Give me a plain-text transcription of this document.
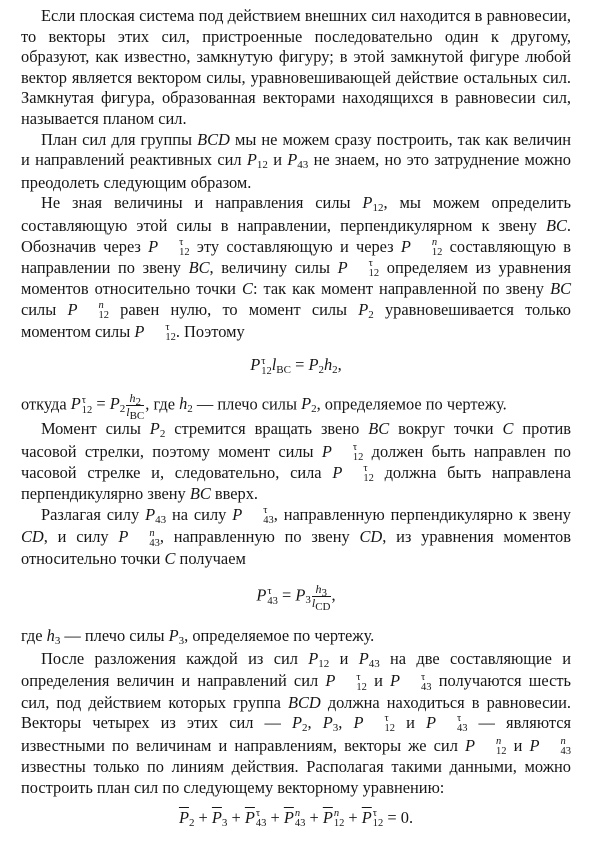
Если плоская система под действием внешних сил находится в равновесии, то векторы этих сил, пристроенные последовательно один к другому, образуют, как известно, замкнутую фигуру; в этой замкнутой фигуре любой вектор является вектором силы, уравновешивающей действие остальных сил. Замкнутая фигура, образованная векторами находящихся в равновесии сил, называется планом сил.

План сил для группы BCD мы не можем сразу построить, так как величин и направлений реактивных сил P12 и P43 не знаем, но это затруднение можно преодолеть следующим образом.

Не зная величины и направления силы P12, мы можем определить составляющую этой силы в направлении, перпендикулярном к звену BC. Обозначив через P	τ
12 эту составляющую и через P	n
12 составляющую в направлении по звену BC, величину силы P	τ
12 определяем из уравнения моментов относительно точки C: так как момент направленной по звену BC силы P	n
12 равен нулю, то момент силы P2 уравновешивается только моментом силы P	τ
12 . Поэтому

P τ
12 lBC = P2h2,

откуда P τ
$12 = P2 \frac{h2}{\text{lBC}}$ , где h2 — плечо силы P2, определяемое по чертежу.

Момент силы P2 стремится вращать звено BC вокруг точки C против часовой стрелки, поэтому момент силы P	τ
12 должен быть направлен по часовой стрелке и, следовательно, сила P	τ
12 должна быть направлена перпендикулярно звену BC вверх.

Разлагая силу P43 на силу P	τ
43 , направленную перпендикулярно к звену CD, и силу P	n
43 , направленную по звену CD, из уравнения моментов относительно точки C получаем

P τ
$43 = P3 \frac{h3}{\text{lCD}}$ ,

где h3 — плечо силы P3, определяемое по чертежу.

После разложения каждой из сил P12 и P43 на две составляющие и определения величин и направлений сил P	τ
12 и P	τ
43 получаются шесть сил, под действием которых группа BCD должна находиться в равновесии. Векторы четырех из этих сил — P2, P3, P	τ
12 и P	τ
43 — являются известными по величинам и направлениям, векторы же сил P	n
12 и P	n
43
известны только по линиям действия. Располагая такими данными, можно построить план сил по следующему векторному уравнению:

$\overline{P}2 + \overline{P}3 + \overline{P}$ τ
$43 + \overline{P}$ n
$43 + \overline{P}$ n
$12 + \overline{P}$ τ
12 = 0.
